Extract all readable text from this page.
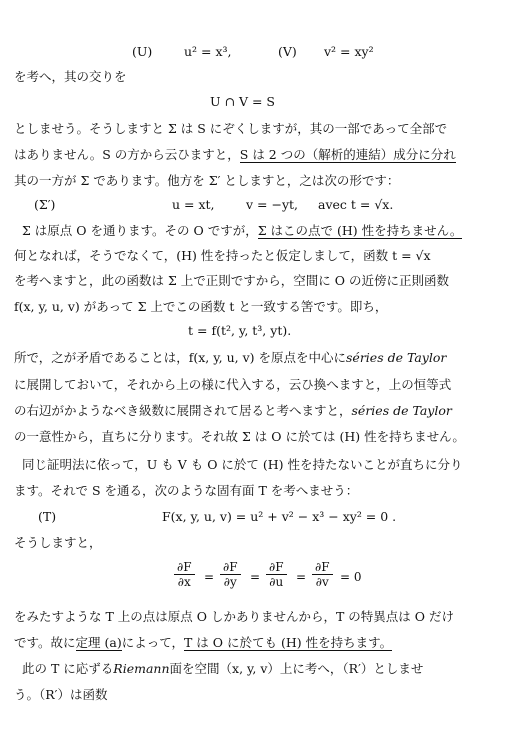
(U)	u² = x³,	(V) v² = xy²
を考へ，其の交りを
U ∩ V = S
としませう。そうしますと Σ は S にぞくしますが，其の一部であって全部で
はありません。S の方から云ひますと，S は 2 つの（解析的連結）成分に分れ
其の一方が Σ であります。他方を Σ′ としますと，之は次の形です：
(Σ′)	u = xt,	v = −yt, avec t = √x.
Σ は原点 O を通ります。その O ですが，Σ はこの点で (H) 性を持ちません。
何となれば，そうでなくて，(H) 性を持ったと仮定しまして，函数 t = √x
を考へますと，此の函数は Σ 上で正則ですから，空間に O の近傍に正則函数
f(x, y, u, v) があって Σ 上でこの函数 t と一致する筈です。即ち，
t = f(t², y, t³, yt).
所で，之が矛盾であることは，f(x, y, u, v) を原点を中心にséries de Taylor
に展開しておいて，それから上の様に代入する，云ひ換へますと，上の恒等式
の右辺がかようなべき級数に展開されて居ると考へますと，séries de Taylor
の一意性から，直ちに分ります。それ故 Σ は O に於ては (H) 性を持ちません。
同じ証明法に依って，U も V も O に於て (H) 性を持たないことが直ちに分り
ます。それで S を通る，次のような固有面 T を考へませう：
(T)	F(x, y, u, v) = u² + v² − x³ − xy² = 0 .
そうしますと，
$\frac{\partial F}{\partial x} = \frac{\partial F}{\partial y} = \frac{\partial F}{\partial u} = \frac{\partial F}{\partial v} = 0$
をみたすような T 上の点は原点 O しかありませんから，T の特異点は O だけ
です。故に定理 (a)によって，T は O に於ても (H) 性を持ちます。
此の T に応ずるRiemann面を空間（x, y, v）上に考へ，（R′）としませ
う。（R′）は函数
